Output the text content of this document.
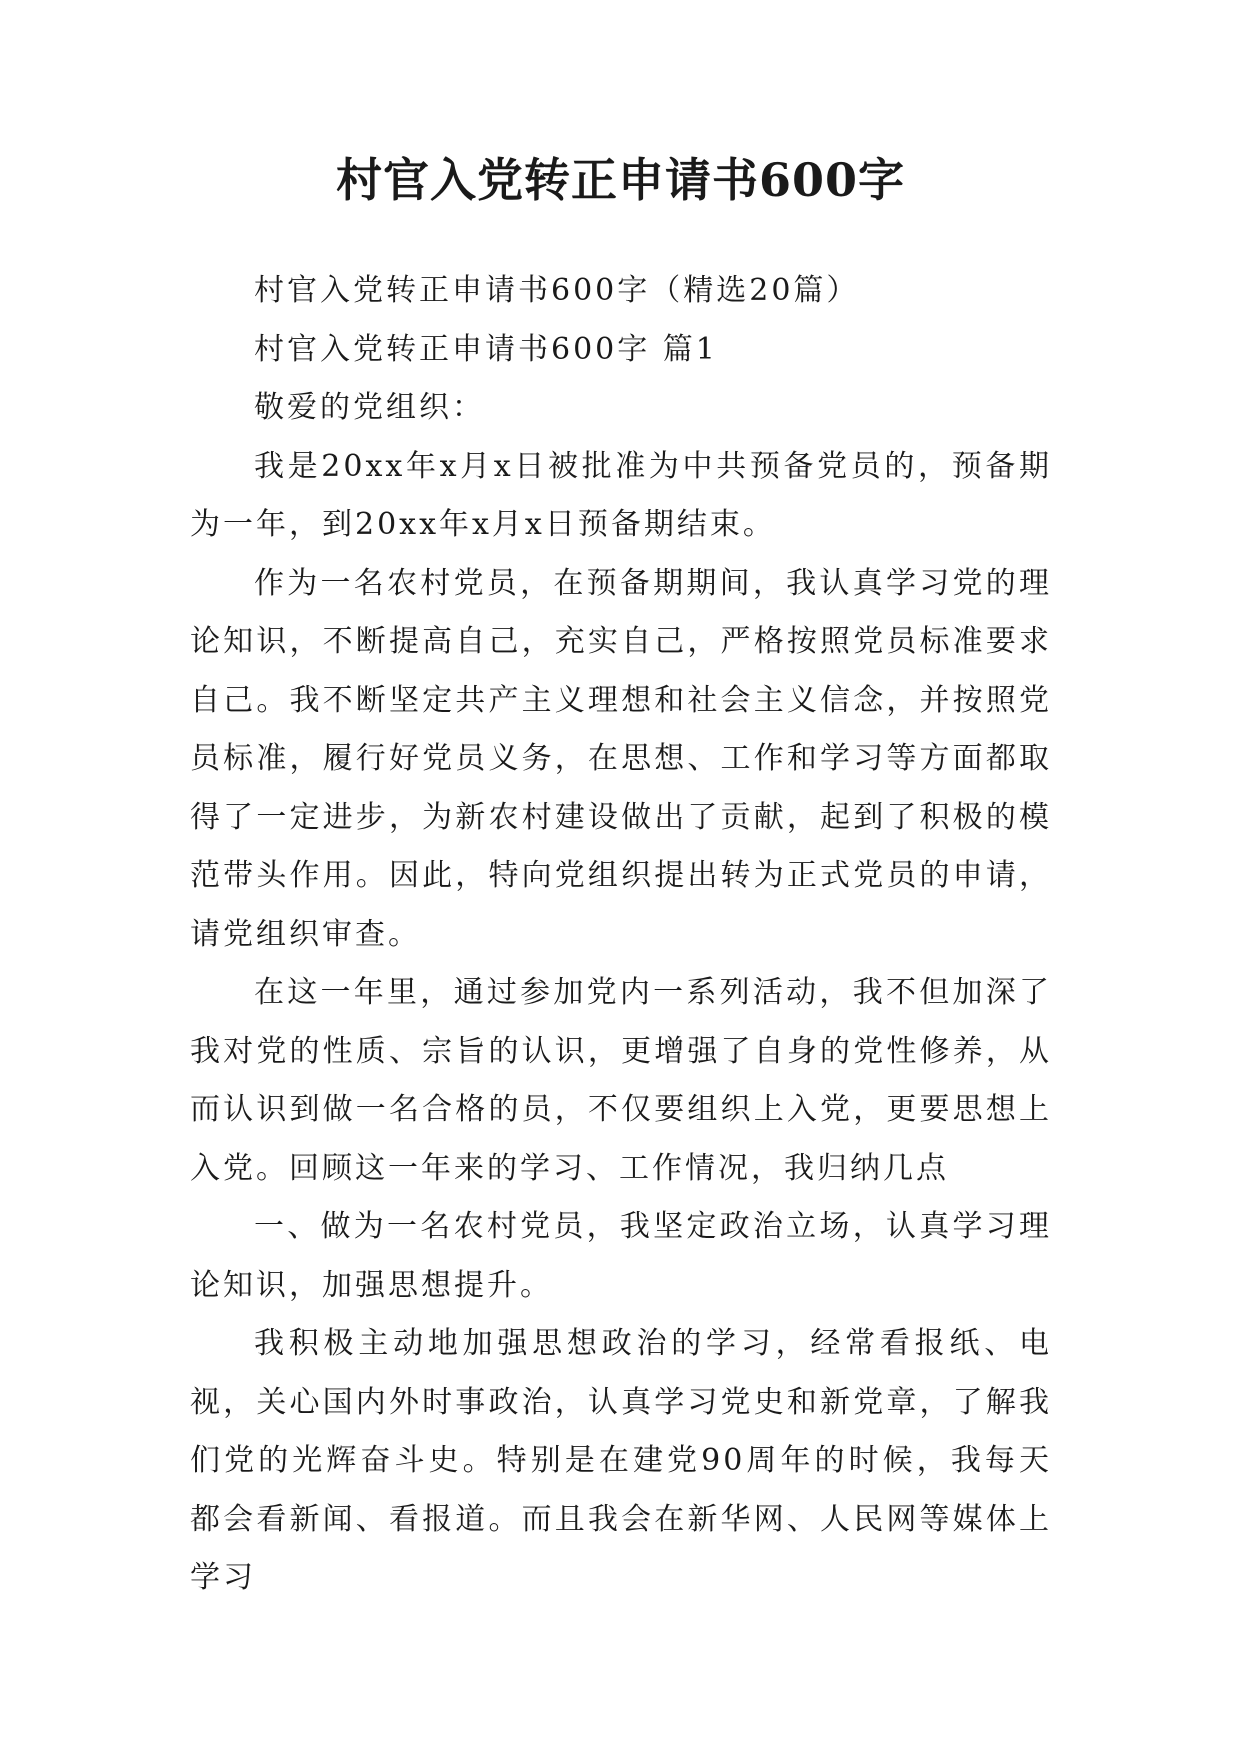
村官入党转正申请书600字

村官入党转正申请书600字（精选20篇）

村官入党转正申请书600字 篇1

敬爱的党组织：

我是20xx年x月x日被批准为中共预备党员的，预备期为一年，到20xx年x月x日预备期结束。

作为一名农村党员，在预备期期间，我认真学习党的理论知识，不断提高自己，充实自己，严格按照党员标准要求自己。我不断坚定共产主义理想和社会主义信念，并按照党员标准，履行好党员义务，在思想、工作和学习等方面都取得了一定进步，为新农村建设做出了贡献，起到了积极的模范带头作用。因此，特向党组织提出转为正式党员的申请，请党组织审查。

在这一年里，通过参加党内一系列活动，我不但加深了我对党的性质、宗旨的认识，更增强了自身的党性修养，从而认识到做一名合格的员，不仅要组织上入党，更要思想上入党。回顾这一年来的学习、工作情况，我归纳几点

一、做为一名农村党员，我坚定政治立场，认真学习理论知识，加强思想提升。

我积极主动地加强思想政治的学习，经常看报纸、电视，关心国内外时事政治，认真学习党史和新党章，了解我们党的光辉奋斗史。特别是在建党90周年的时候，我每天都会看新闻、看报道。而且我会在新华网、人民网等媒体上学习
